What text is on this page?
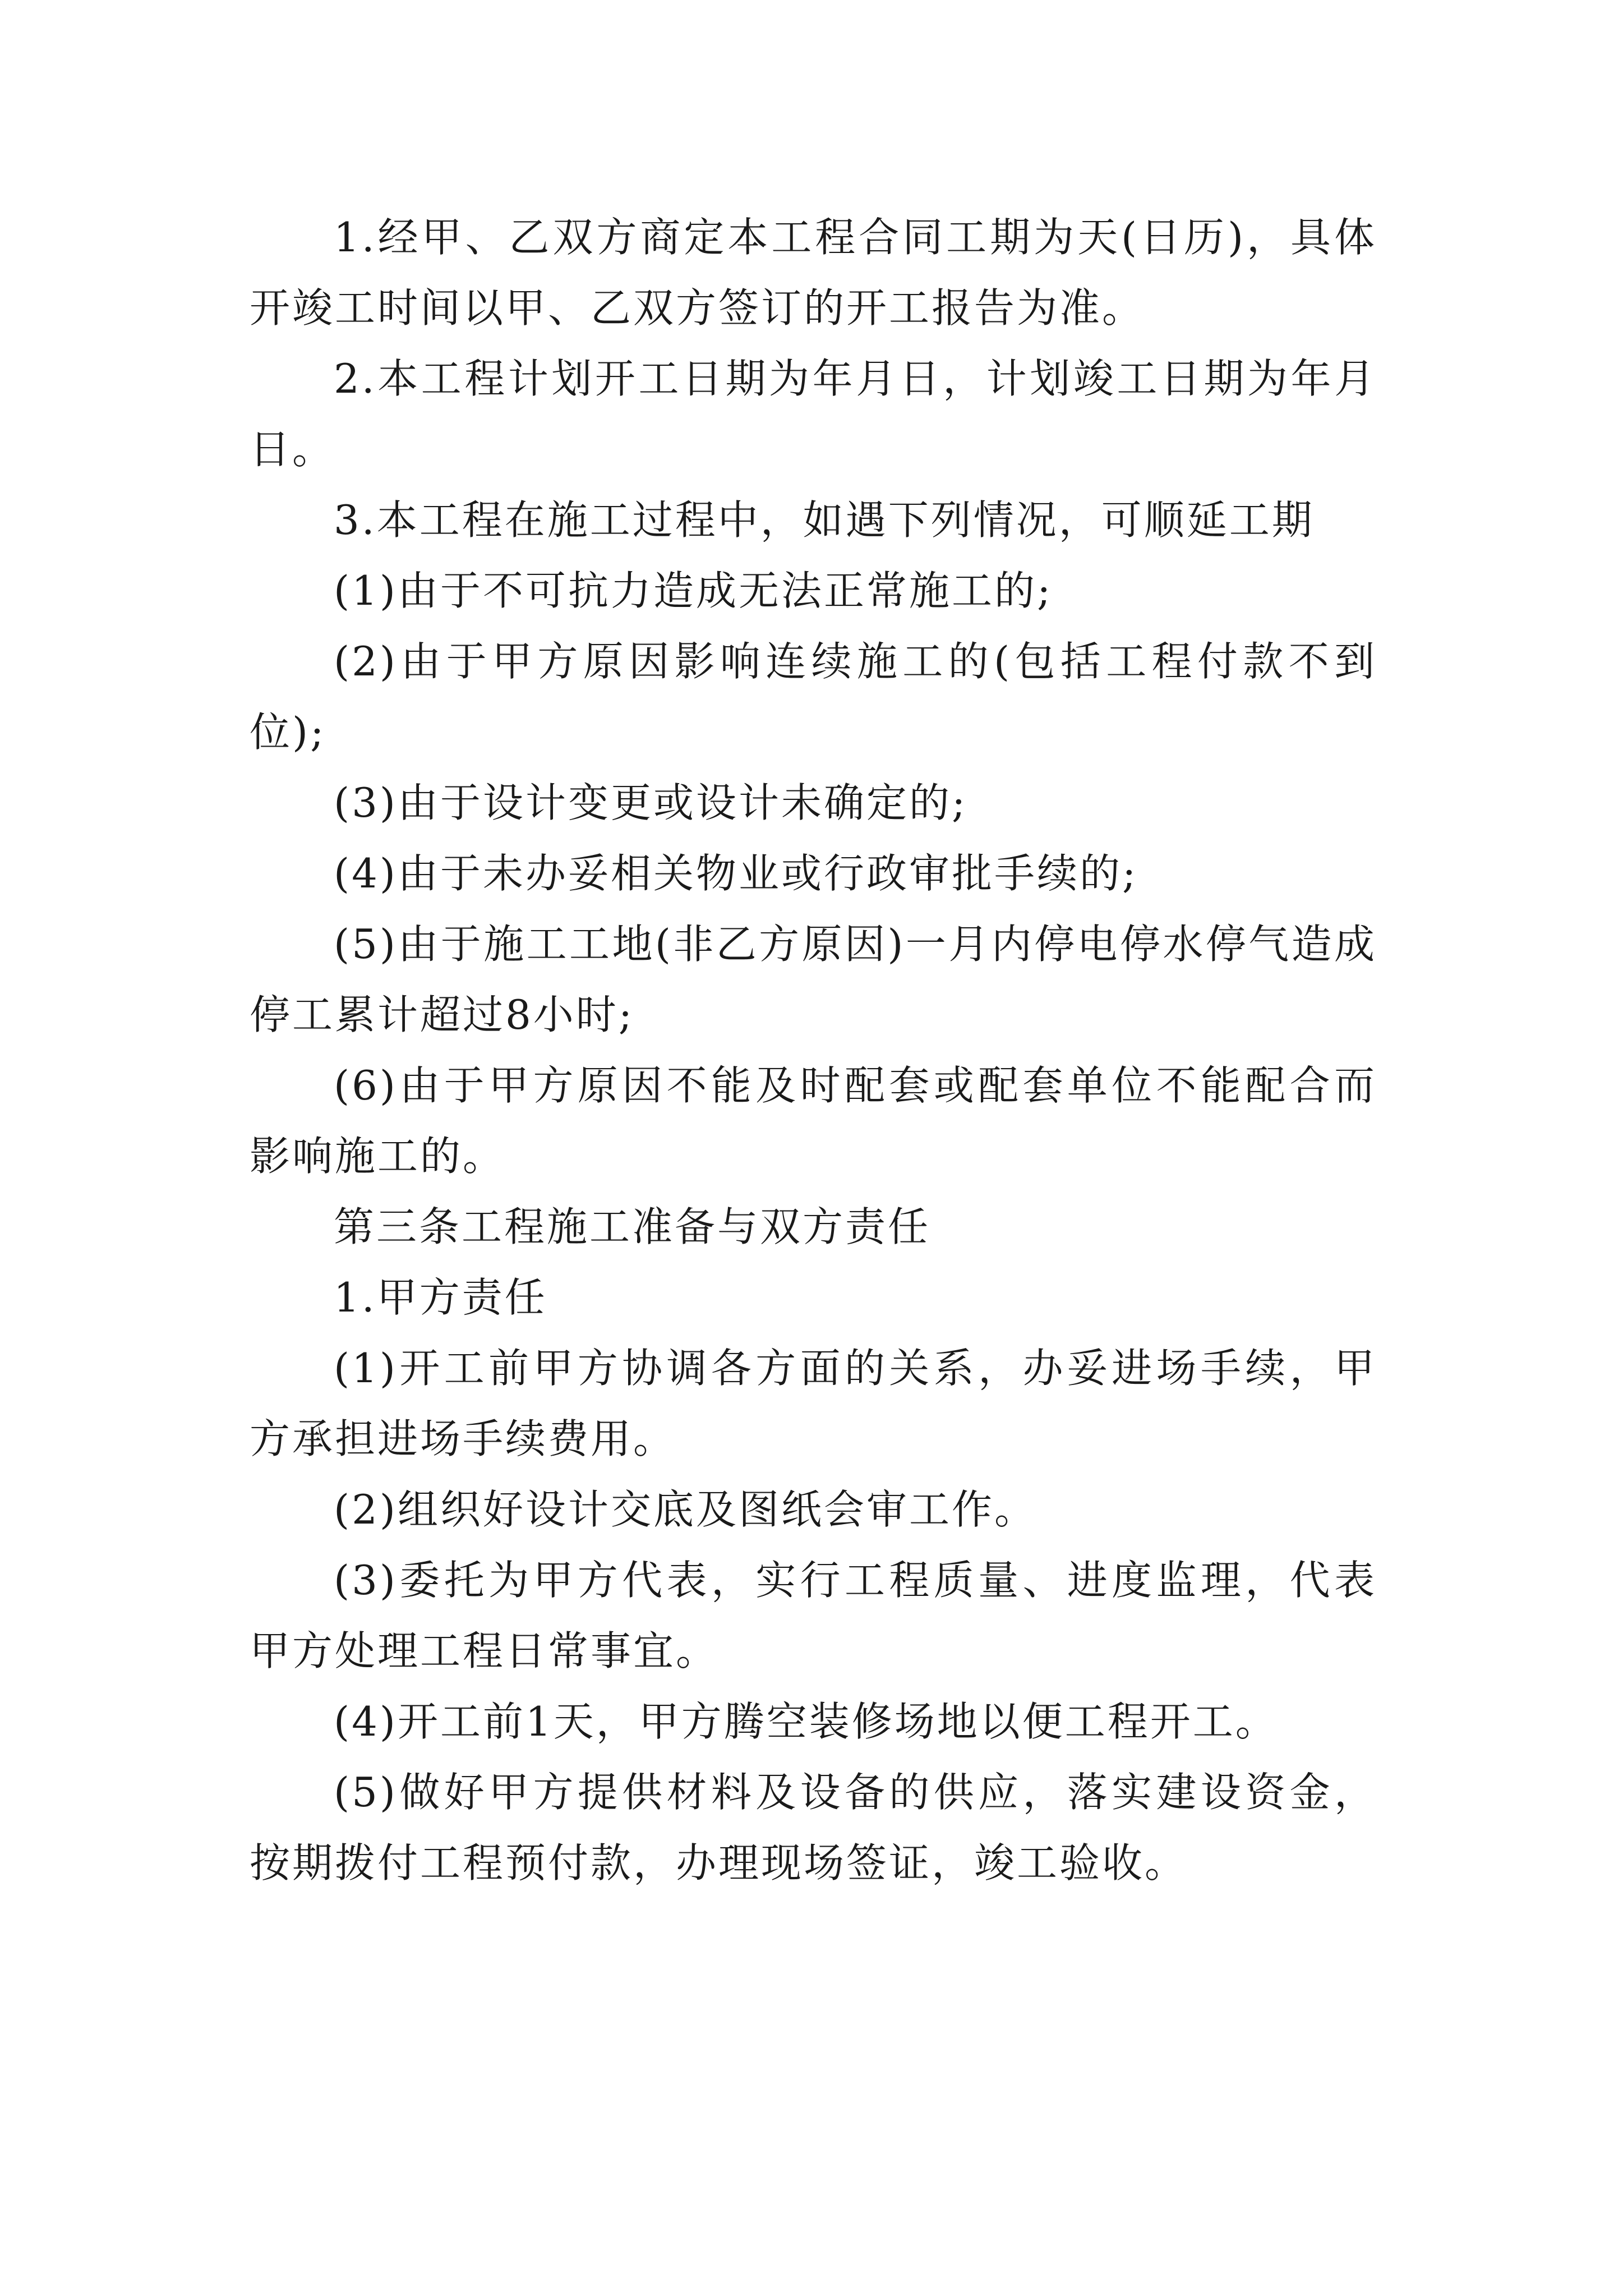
1.经甲、乙双方商定本工程合同工期为天(日历)，具体开竣工时间以甲、乙双方签订的开工报告为准。

2.本工程计划开工日期为年月日，计划竣工日期为年月日。

3.本工程在施工过程中，如遇下列情况，可顺延工期

(1)由于不可抗力造成无法正常施工的;

(2)由于甲方原因影响连续施工的(包括工程付款不到位);

(3)由于设计变更或设计未确定的;

(4)由于未办妥相关物业或行政审批手续的;

(5)由于施工工地(非乙方原因)一月内停电停水停气造成停工累计超过8小时;

(6)由于甲方原因不能及时配套或配套单位不能配合而影响施工的。

第三条工程施工准备与双方责任

1.甲方责任

(1)开工前甲方协调各方面的关系，办妥进场手续，甲方承担进场手续费用。

(2)组织好设计交底及图纸会审工作。

(3)委托为甲方代表，实行工程质量、进度监理，代表甲方处理工程日常事宜。

(4)开工前1天，甲方腾空装修场地以便工程开工。

(5)做好甲方提供材料及设备的供应，落实建设资金，按期拨付工程预付款，办理现场签证，竣工验收。
